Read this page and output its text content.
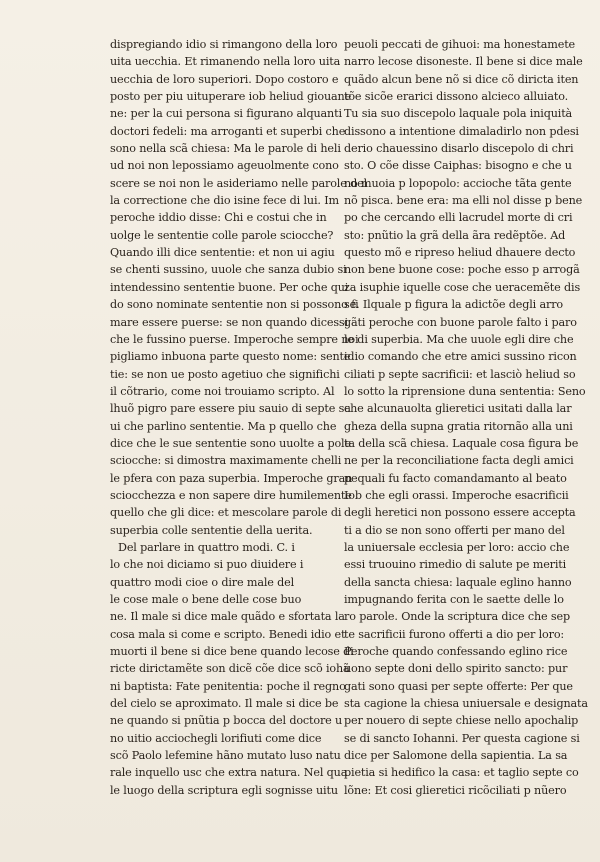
dispregiando idio si rimangono della loro
uita uecchia. Et rimanendo nella loro uita
uecchia de loro superiori. Dopo costoro e
posto per piu uituperare iob heliud giouane
ne: per la cui persona si figurano alquanti
doctori fedeli: ma arroganti et superbi che
sono nella scã chiesa: Ma le parole di heli
ud noi non lepossiamo ageuolmente cono
scere se noi non le asideriamo nelle parole del
la correctione che dio isine fece di lui. Im
peroche iddio disse: Chi e costui che in
uolge le sententie colle parole sciocche?
Quando illi dice sententie: et non ui agiu
se chenti sussino, uuole che sanza dubio si
intendessino sententie buone. Per oche qui
do sono nominate sententie non si possono fi
mare essere puerse: se non quando dicessi
che le fussino puerse. Imperoche sempre noi
pigliamo inbuona parte questo nome: sente
tie: se non ue posto agetiuo che significhi
il cõtrario, come noi trouiamo scripto. Al
lhuõ pigro pare essere piu sauio di septe sa
ui che parlino sententie. Ma p quello che
dice che le sue sententie sono uuolte a pole
sciocche: si dimostra maximamente chelli
le pfera con paza superbia. Imperoche gran
sciocchezza e non sapere dire humilemente
quello che gli dice: et mescolare parole di
superbia colle sententie della uerita.
Del parlare in quattro modi. C. i
lo che noi diciamo si puo diuidere i
quattro modi cioe o dire male del
le cose male o bene delle cose buo
ne. Il male si dice male quãdo e sfortata la
cosa mala si come e scripto. Benedi idio et
muorti il bene si dice bene quando lecose di
ricte dirictamẽte son dicẽ cõe dice scõ iohã
ni baptista: Fate penitentia: poche il regno
del cielo se aproximato. Il male si dice be
ne quando si pnũtia p bocca del doctore u
no uitio acciochegli lorifiuti come dice
scõ Paolo lefemine hãno mutato luso natu
rale inquello usc che extra natura. Nel qua
le luogo della scriptura egli sognisse uitu
peuoli peccati de gihuoi: ma honestamete
narro lecose disoneste. Il bene si dice male
quãdo alcun bene nõ si dice cõ diricta iten
tõe sicõe erarici dissono alcieco alluiato.
Tu sia suo discepolo laquale pola iniquità
dissono a intentione dimaladirlo non pdesi
derio chauessino disarlo discepolo di chri
sto. O cõe disse Caiphas: bisogno e che u
no muoia p lopopolo: accioche tãta gente
nõ pisca. bene era: ma elli nol disse p bene
po che cercando elli lacrudel morte di cri
sto: pnũtio la grã della ãra redẽptõe. Ad
questo mõ e ripreso heliud dhauere decto
non bene buone cose: poche esso p arrogã
za isuphie iquelle cose che ueracemẽte dis
se. Ilquale p figura la adictõe degli arro
gãti peroche con buone parole falto i paro
le di superbia. Ma che uuole egli dire che
idio comando che etre amici sussino ricon
ciliati p septe sacrificii: et lasciò heliud so
lo sotto la riprensione duna sententia: Seno
che alcunauolta glieretici usitati dalla lar
gheza della supna gratia ritornão alla uni
ta della scã chiesa. Laquale cosa figura be
ne per la reconciliatione facta degli amici
pequali fu facto comandamanto al beato
Iob che egli orassi. Imperoche esacrificii
degli heretici non possono essere accepta
ti a dio se non sono offerti per mano del
la uniuersale ecclesia per loro: accio che
essi truouino rimedio di salute pe meriti
della sancta chiesa: laquale eglino hanno
impugnando ferita con le saette delle lo
ro parole. Onde la scriptura dice che sep
te sacrificii furono offerti a dio per loro:
Peroche quando confessando eglino rice
uono septe doni dello spirito sancto: pur
gati sono quasi per septe offerte: Per que
sta cagione la chiesa uniuersale e designata
per nouero di septe chiese nello apochalip
se di sancto Iohanni. Per questa cagione si
dice per Salomone della sapientia. La sa
pietia si hedifico la casa: et taglio septe co
lõne: Et cosi glieretici ricõciliati p nũero
